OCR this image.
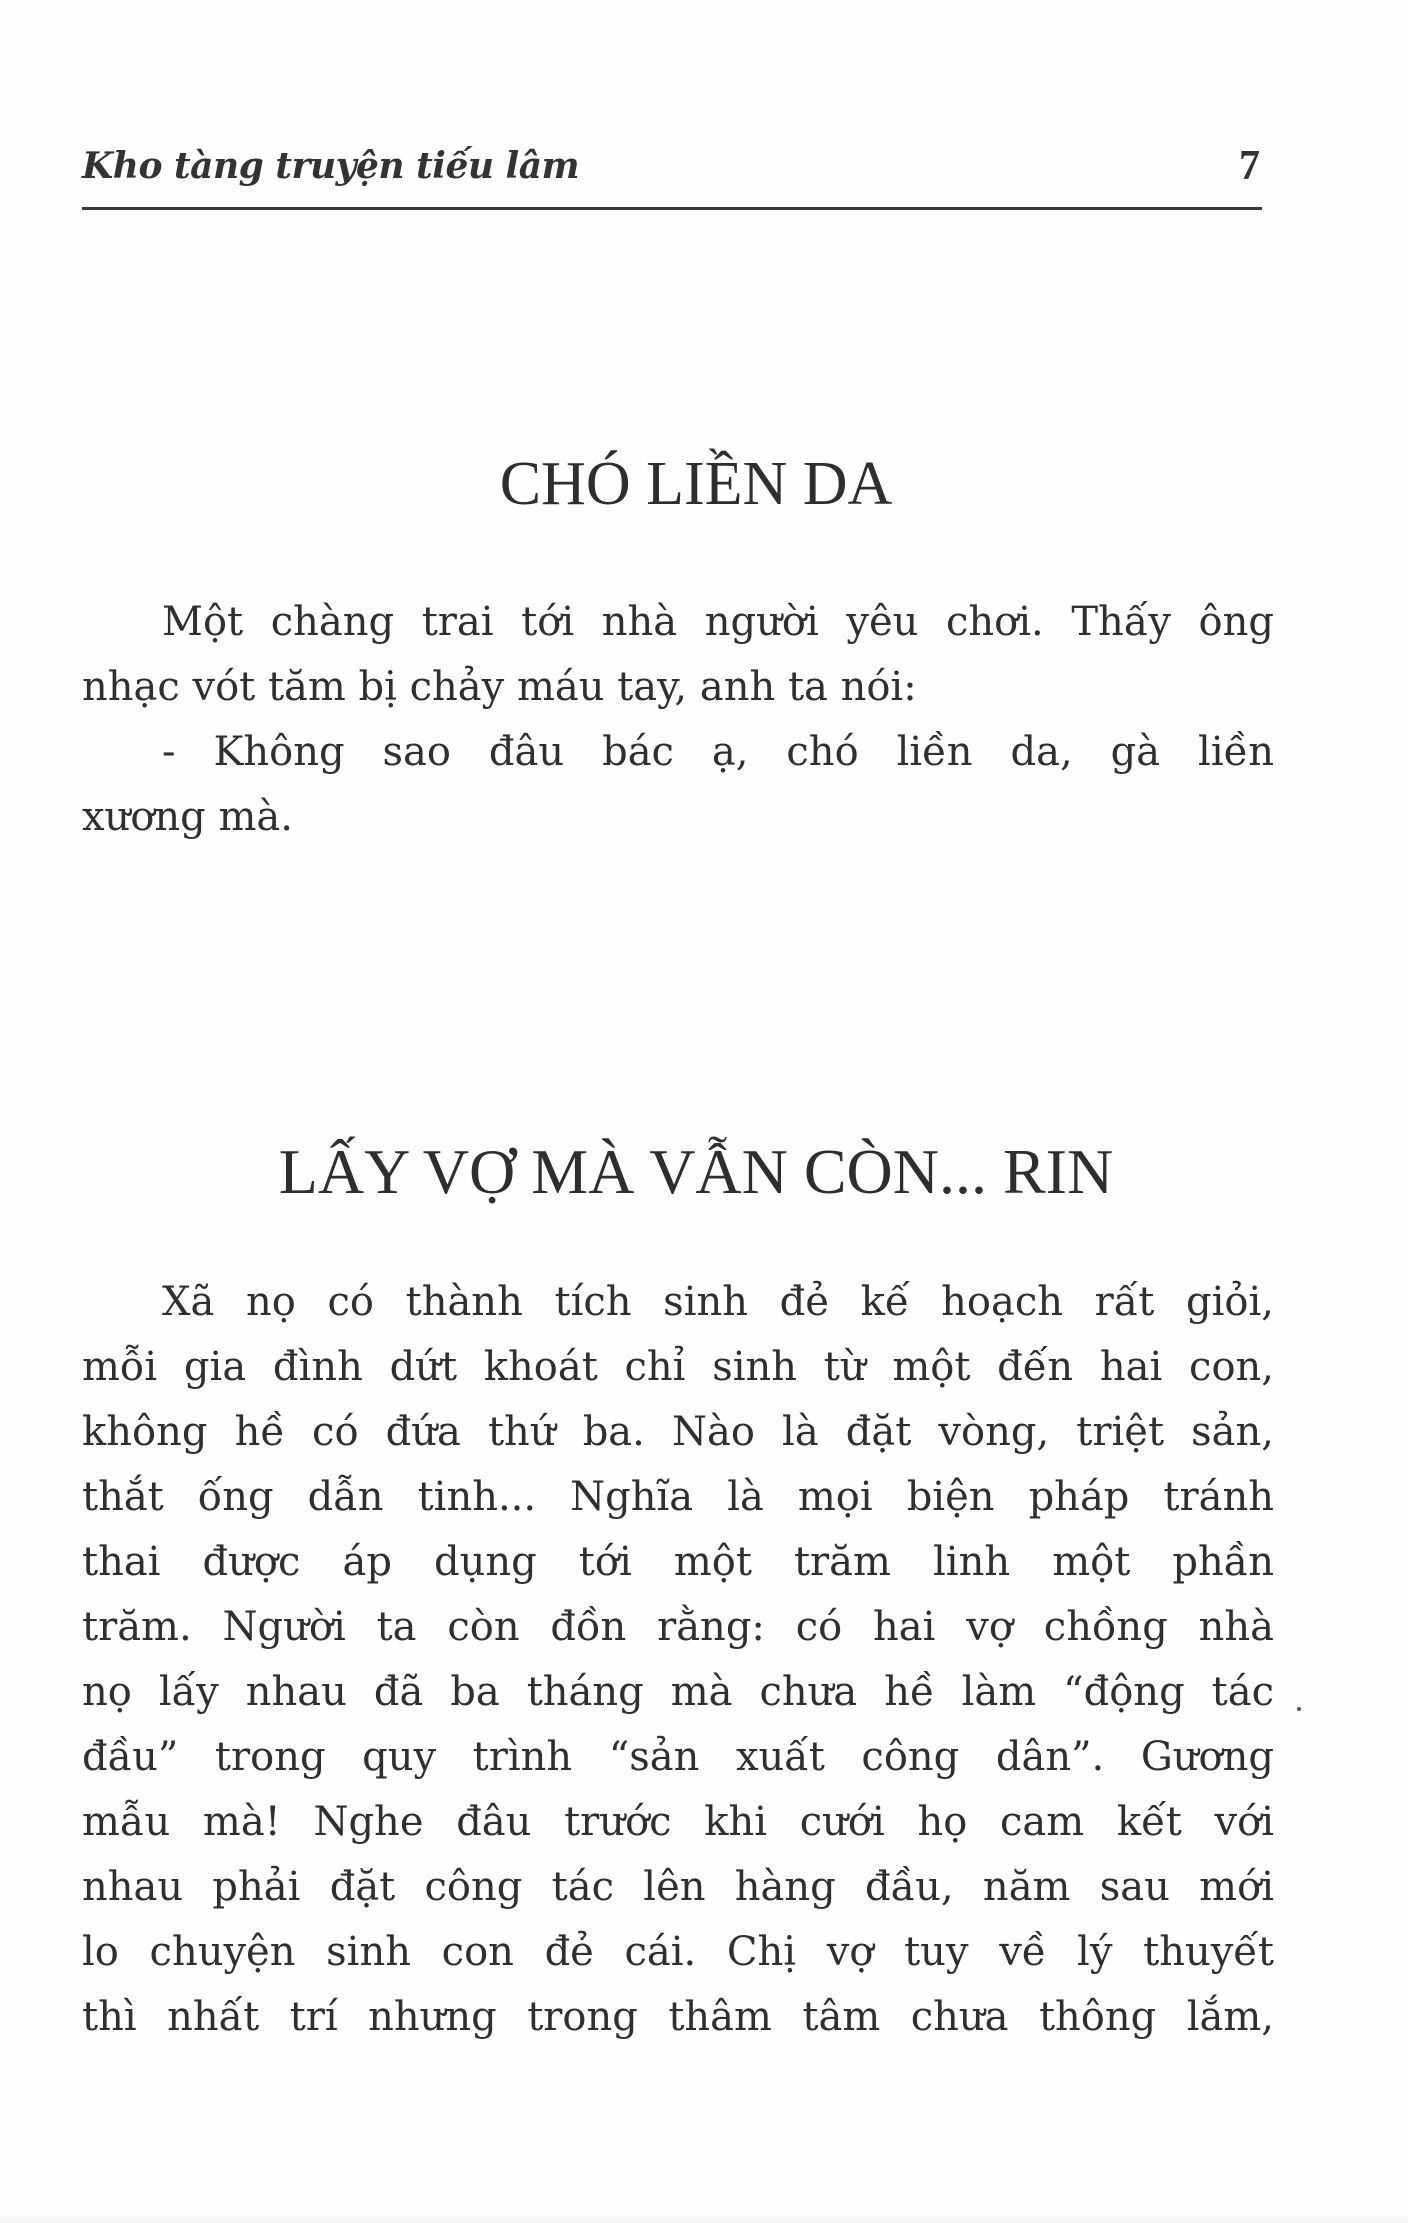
Kho tàng truyện tiếu lâm	7
CHÓ LIỀN DA
Một chàng trai tới nhà người yêu chơi. Thấy ông
nhạc vót tăm bị chảy máu tay, anh ta nói:
- Không sao đâu bác ạ, chó liền da, gà liền
xương mà.
LẤY VỢ MÀ VẪN CÒN... RIN
Xã nọ có thành tích sinh đẻ kế hoạch rất giỏi,
mỗi gia đình dứt khoát chỉ sinh từ một đến hai con,
không hề có đứa thứ ba. Nào là đặt vòng, triệt sản,
thắt ống dẫn tinh... Nghĩa là mọi biện pháp tránh
thai được áp dụng tới một trăm linh một phần
trăm. Người ta còn đồn rằng: có hai vợ chồng nhà
nọ lấy nhau đã ba tháng mà chưa hề làm “động tác
đầu” trong quy trình “sản xuất công dân”. Gương
mẫu mà! Nghe đâu trước khi cưới họ cam kết với
nhau phải đặt công tác lên hàng đầu, năm sau mới
lo chuyện sinh con đẻ cái. Chị vợ tuy về lý thuyết
thì nhất trí nhưng trong thâm tâm chưa thông lắm,
